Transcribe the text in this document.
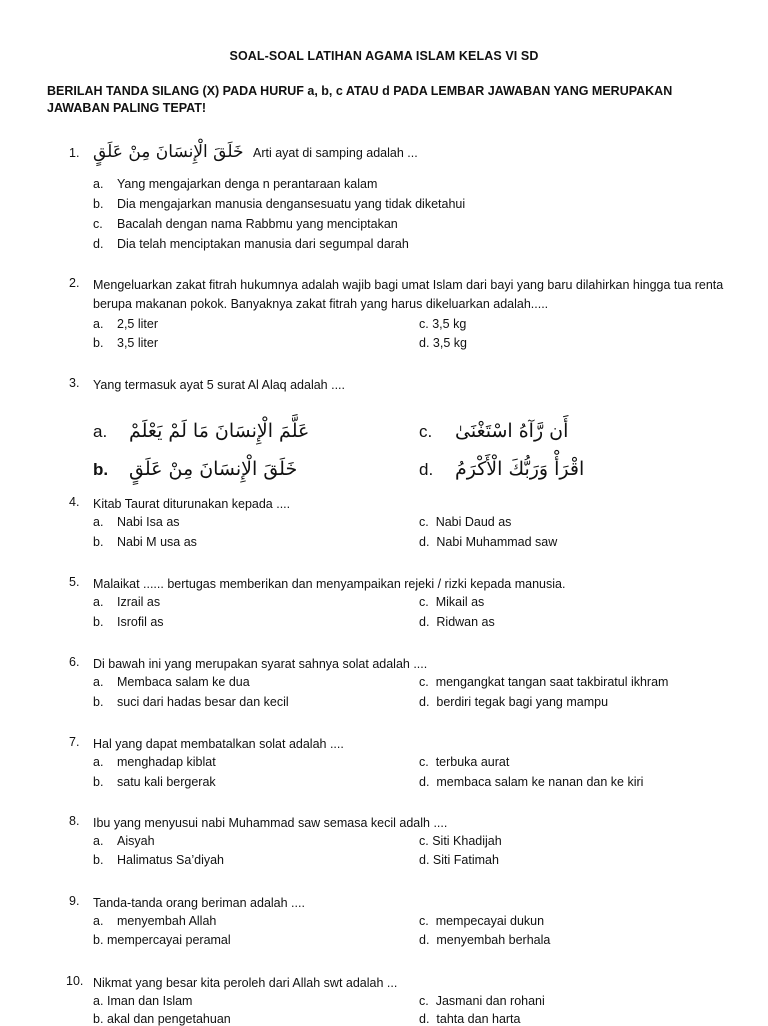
SOAL-SOAL LATIHAN AGAMA ISLAM KELAS VI SD
BERILAH TANDA SILANG (X) PADA HURUF a, b, c ATAU d PADA LEMBAR JAWABAN YANG MERUPAKAN JAWABAN PALING TEPAT!
1. خَلَقَ الْإِنسَانَ مِنْ عَلَقٍ Arti ayat di samping adalah ...
a. Yang mengajarkan denga n perantaraan kalam
b. Dia mengajarkan manusia dengansesuatu yang tidak diketahui
c. Bacalah dengan nama Rabbmu yang menciptakan
d. Dia telah menciptakan manusia dari segumpal darah
2.	Mengeluarkan zakat fitrah hukumnya adalah wajib bagi umat Islam dari bayi yang baru dilahirkan hingga tua renta berupa makanan pokok. Banyaknya zakat fitrah yang harus dikeluarkan adalah.....
a. 2,5 liter
b. 3,5 liter
c. 3,5 kg
d. 3,5 kg
3.	Yang termasuk ayat 5 surat Al Alaq adalah ....
a. عَلَّمَ الْإِنسَانَ مَا لَمْ يَعْلَمْ
b. خَلَقَ الْإِنسَانَ مِنْ عَلَقٍ
c. أَن رَّآهُ اسْتَغْنَىٰ
d. اقْرَأْ وَرَبُّكَ الْأَكْرَمُ
4.	Kitab Taurat diturunakan kepada ....
a. Nabi Isa as
b. Nabi M usa as
c. Nabi Daud as
d. Nabi Muhammad saw
5.	Malaikat ...... bertugas memberikan dan menyampaikan rejeki / rizki kepada manusia.
a. Izrail as
b. Isrofil as
c. Mikail as
d. Ridwan as
6.	Di bawah ini yang merupakan syarat sahnya solat adalah ....
a. Membaca salam ke dua
b. suci dari hadas besar dan kecil
c. mengangkat tangan saat takbiratul ikhram
d. berdiri tegak bagi yang mampu
7.	Hal yang dapat membatalkan solat adalah ....
a. menghadap kiblat
b. satu kali bergerak
c. terbuka aurat
d. membaca salam ke nanan dan ke kiri
8.	Ibu yang menyusui nabi Muhammad saw semasa kecil adalh ....
a. Aisyah
b. Halimatus Sa’diyah
c. Siti Khadijah
d. Siti Fatimah
9.	Tanda-tanda orang beriman adalah ....
a. menyembah Allah
b. mempercayai peramal
c. mempecayai dukun
d. menyembah berhala
10. Nikmat yang besar kita peroleh dari Allah swt adalah ...
a. Iman dan Islam
b. akal dan pengetahuan
c. Jasmani dan rohani
d. tahta dan harta
